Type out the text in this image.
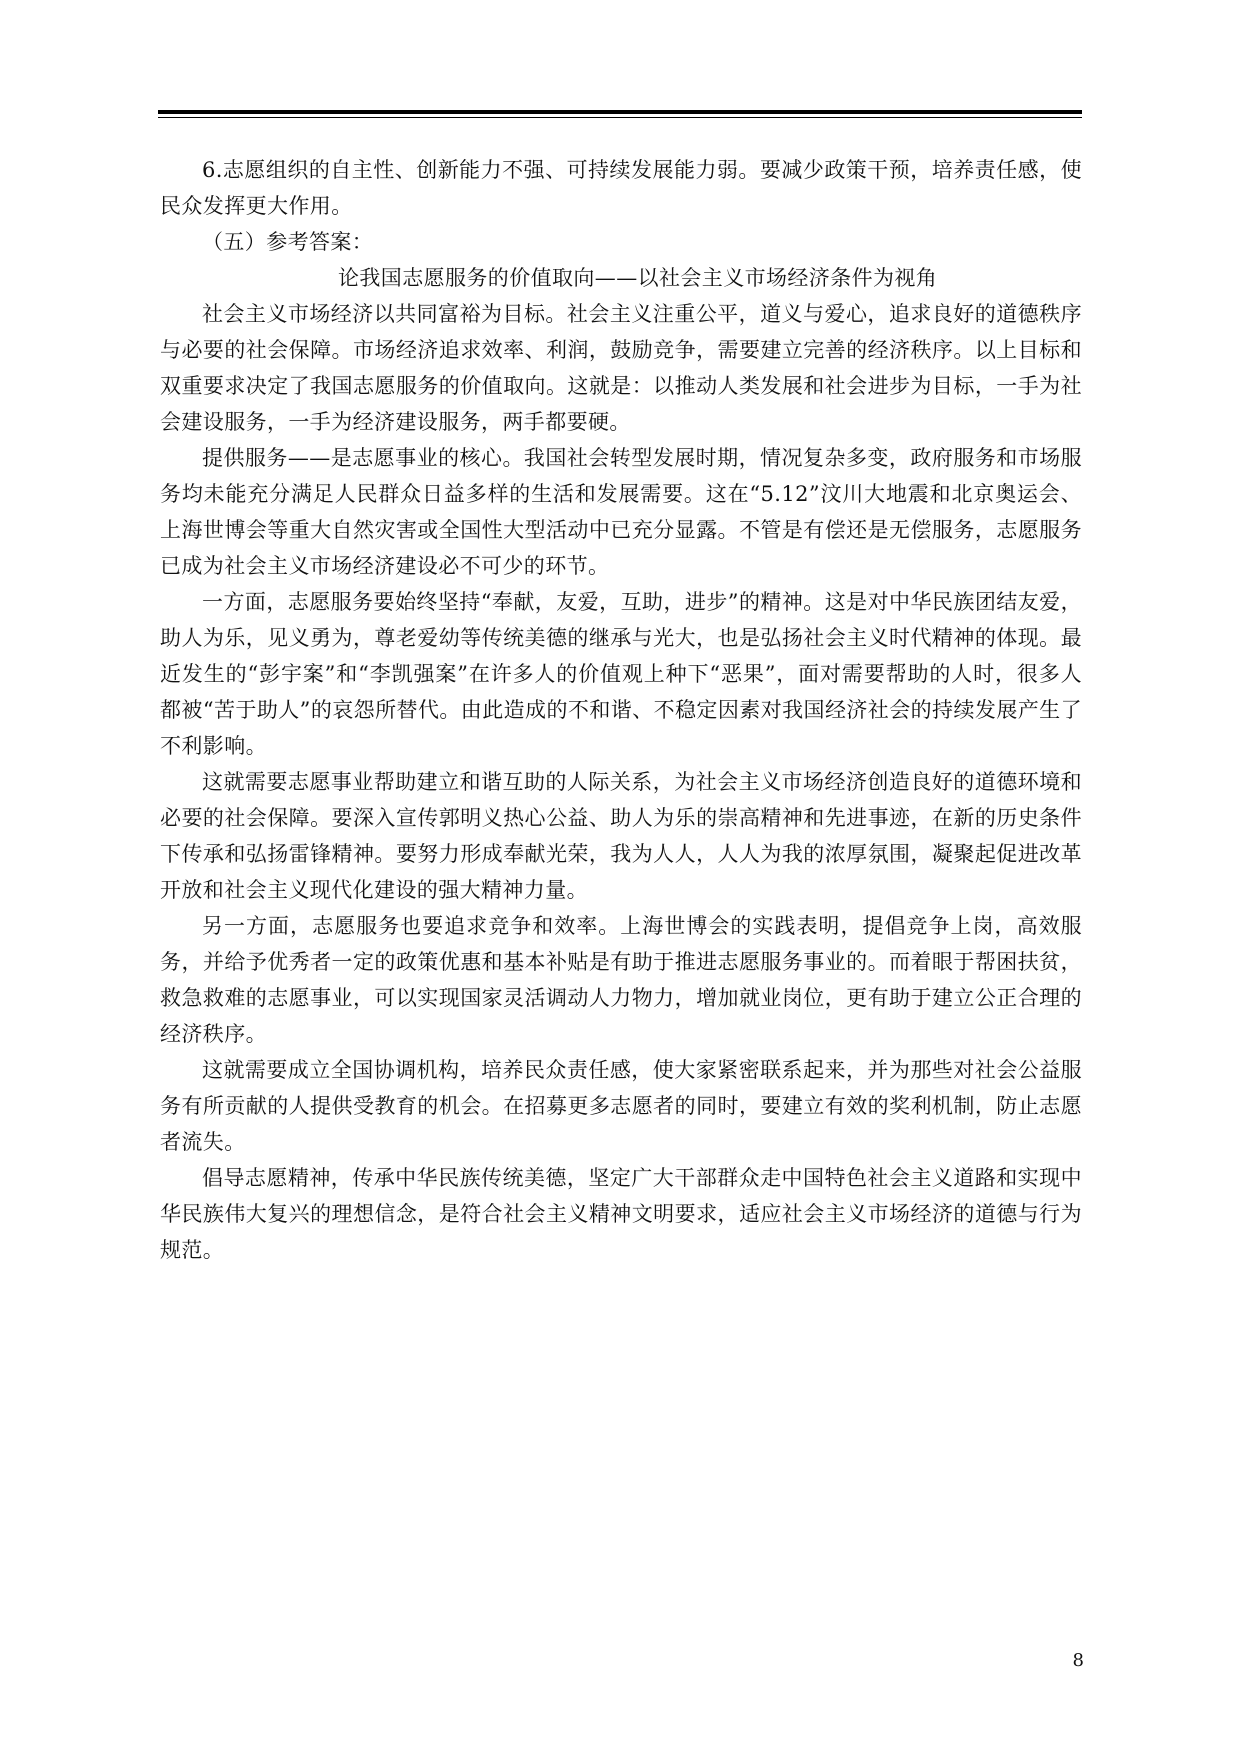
6.志愿组织的自主性、创新能力不强、可持续发展能力弱。要减少政策干预，培养责任感，使民众发挥更大作用。

（五）参考答案：

论我国志愿服务的价值取向——以社会主义市场经济条件为视角

社会主义市场经济以共同富裕为目标。社会主义注重公平，道义与爱心，追求良好的道德秩序与必要的社会保障。市场经济追求效率、利润，鼓励竞争，需要建立完善的经济秩序。以上目标和双重要求决定了我国志愿服务的价值取向。这就是：以推动人类发展和社会进步为目标，一手为社会建设服务，一手为经济建设服务，两手都要硬。

提供服务——是志愿事业的核心。我国社会转型发展时期，情况复杂多变，政府服务和市场服务均未能充分满足人民群众日益多样的生活和发展需要。这在“5.12”汶川大地震和北京奥运会、上海世博会等重大自然灾害或全国性大型活动中已充分显露。不管是有偿还是无偿服务，志愿服务已成为社会主义市场经济建设必不可少的环节。

一方面，志愿服务要始终坚持“奉献，友爱，互助，进步”的精神。这是对中华民族团结友爱，助人为乐，见义勇为，尊老爱幼等传统美德的继承与光大，也是弘扬社会主义时代精神的体现。最近发生的“彭宇案”和“李凯强案”在许多人的价值观上种下“恶果”，面对需要帮助的人时，很多人都被“苦于助人”的哀怨所替代。由此造成的不和谐、不稳定因素对我国经济社会的持续发展产生了不利影响。

这就需要志愿事业帮助建立和谐互助的人际关系，为社会主义市场经济创造良好的道德环境和必要的社会保障。要深入宣传郭明义热心公益、助人为乐的崇高精神和先进事迹，在新的历史条件下传承和弘扬雷锋精神。要努力形成奉献光荣，我为人人，人人为我的浓厚氛围，凝聚起促进改革开放和社会主义现代化建设的强大精神力量。

另一方面，志愿服务也要追求竞争和效率。上海世博会的实践表明，提倡竞争上岗，高效服务，并给予优秀者一定的政策优惠和基本补贴是有助于推进志愿服务事业的。而着眼于帮困扶贫，救急救难的志愿事业，可以实现国家灵活调动人力物力，增加就业岗位，更有助于建立公正合理的经济秩序。

这就需要成立全国协调机构，培养民众责任感，使大家紧密联系起来，并为那些对社会公益服务有所贡献的人提供受教育的机会。在招募更多志愿者的同时，要建立有效的奖利机制，防止志愿者流失。

倡导志愿精神，传承中华民族传统美德，坚定广大干部群众走中国特色社会主义道路和实现中华民族伟大复兴的理想信念，是符合社会主义精神文明要求，适应社会主义市场经济的道德与行为规范。

8
